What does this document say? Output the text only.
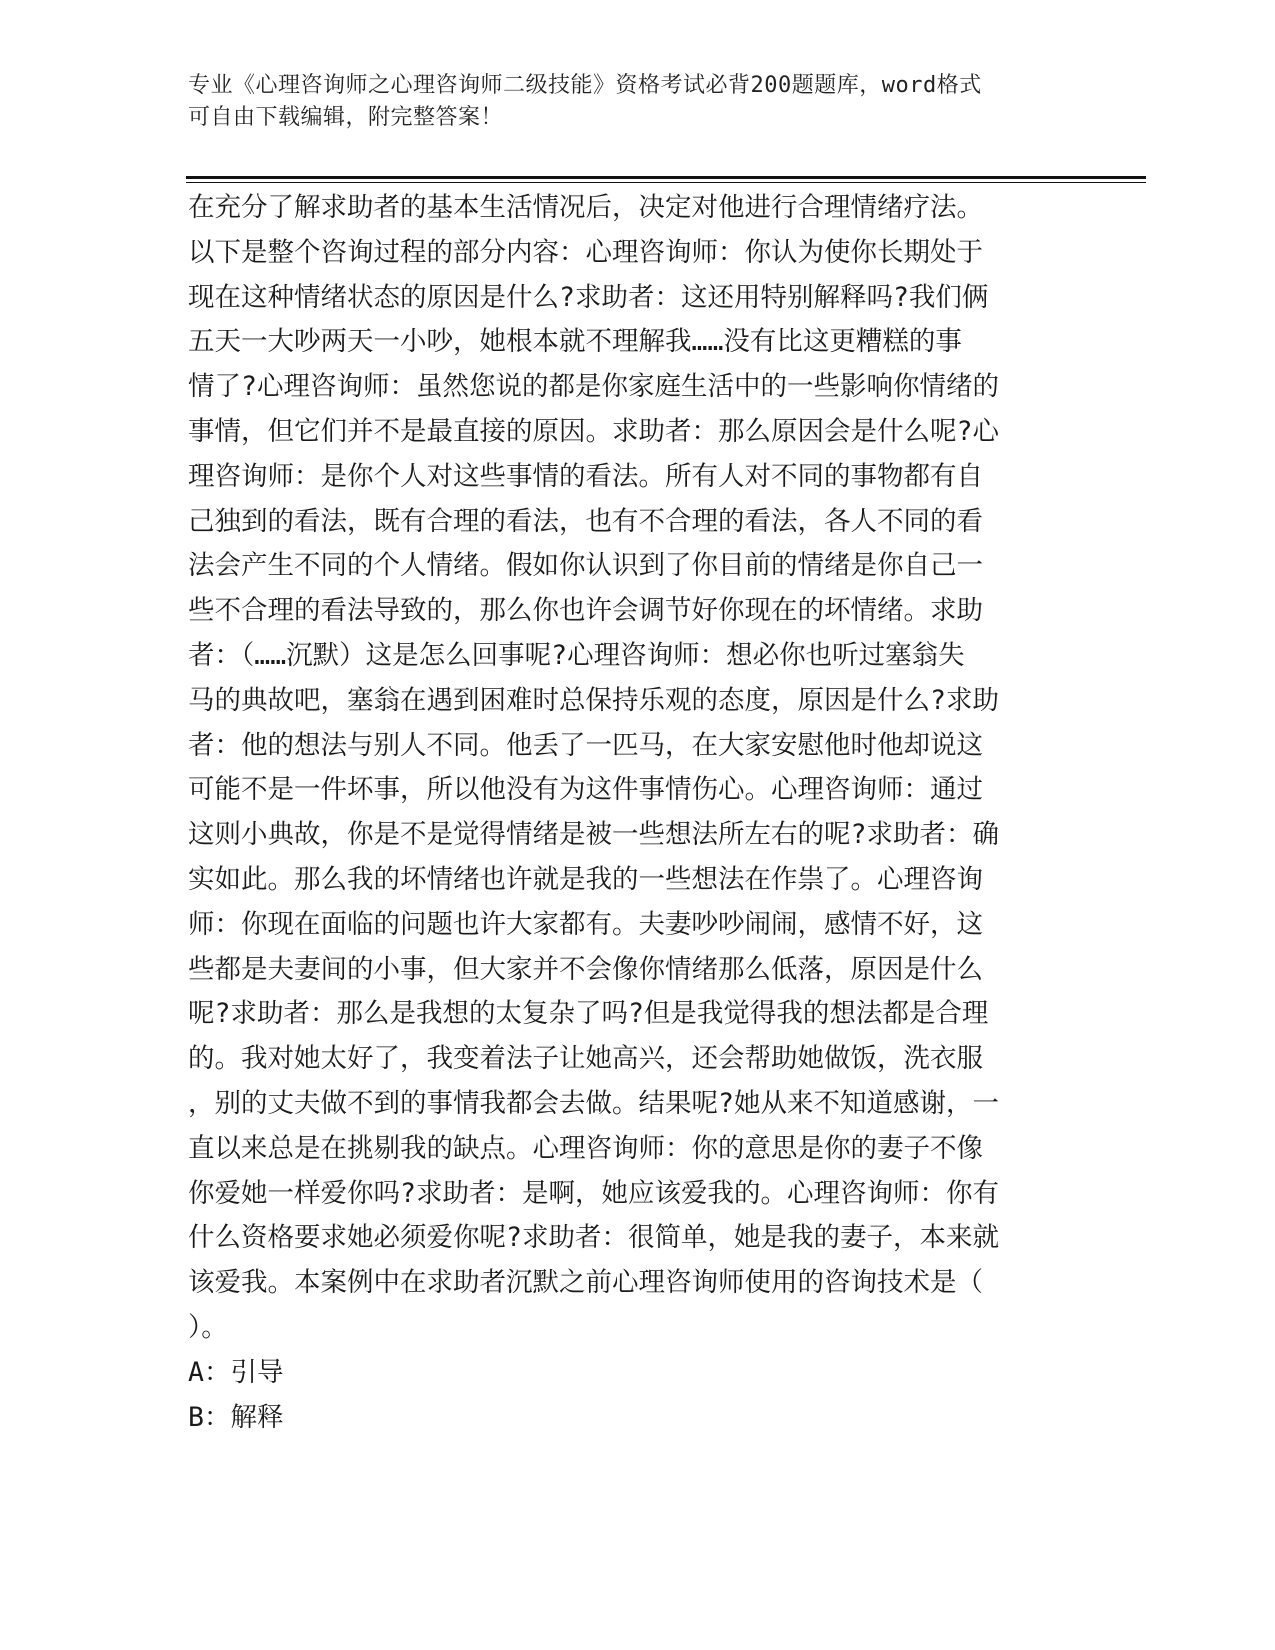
专业《心理咨询师之心理咨询师二级技能》资格考试必背200题题库，word格式
可自由下载编辑，附完整答案！
在充分了解求助者的基本生活情况后，决定对他进行合理情绪疗法。
以下是整个咨询过程的部分内容：心理咨询师：你认为使你长期处于
现在这种情绪状态的原因是什么?求助者：这还用特别解释吗?我们俩
五天一大吵两天一小吵，她根本就不理解我……没有比这更糟糕的事
情了?心理咨询师：虽然您说的都是你家庭生活中的一些影响你情绪的
事情，但它们并不是最直接的原因。求助者：那么原因会是什么呢?心
理咨询师：是你个人对这些事情的看法。所有人对不同的事物都有自
己独到的看法，既有合理的看法，也有不合理的看法，各人不同的看
法会产生不同的个人情绪。假如你认识到了你目前的情绪是你自己一
些不合理的看法导致的，那么你也许会调节好你现在的坏情绪。求助
者：（……沉默）这是怎么回事呢?心理咨询师：想必你也听过塞翁失
马的典故吧，塞翁在遇到困难时总保持乐观的态度，原因是什么?求助
者：他的想法与别人不同。他丢了一匹马，在大家安慰他时他却说这
可能不是一件坏事，所以他没有为这件事情伤心。心理咨询师：通过
这则小典故，你是不是觉得情绪是被一些想法所左右的呢?求助者：确
实如此。那么我的坏情绪也许就是我的一些想法在作祟了。心理咨询
师：你现在面临的问题也许大家都有。夫妻吵吵闹闹，感情不好，这
些都是夫妻间的小事，但大家并不会像你情绪那么低落，原因是什么
呢?求助者：那么是我想的太复杂了吗?但是我觉得我的想法都是合理
的。我对她太好了，我变着法子让她高兴，还会帮助她做饭，洗衣服
，别的丈夫做不到的事情我都会去做。结果呢?她从来不知道感谢，一
直以来总是在挑剔我的缺点。心理咨询师：你的意思是你的妻子不像
你爱她一样爱你吗?求助者：是啊，她应该爱我的。心理咨询师：你有
什么资格要求她必须爱你呢?求助者：很简单，她是我的妻子，本来就
该爱我。本案例中在求助者沉默之前心理咨询师使用的咨询技术是（
）。
A：引导
B：解释
